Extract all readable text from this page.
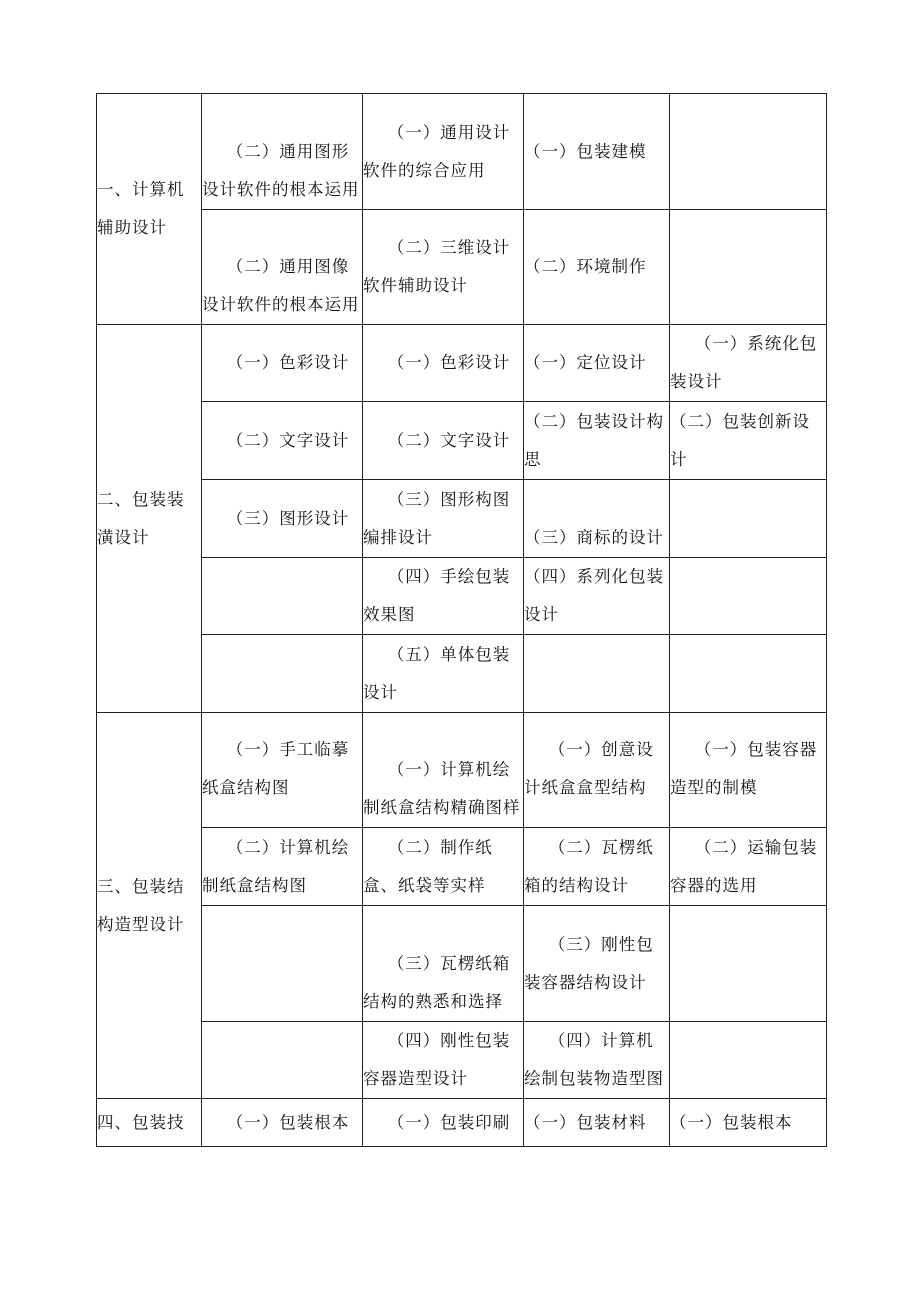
一、计算机辅助设计	（二）通用图形设计软件的根本运用	（一）通用设计软件的综合应用	（一）包装建模	

	（二）通用图像设计软件的根本运用	（二）三维设计软件辅助设计	（二）环境制作	

二、包装装潢设计	（一）色彩设计	（一）色彩设计	（一）定位设计	（一）系统化包装设计

	（二）文字设计	（二）文字设计	（二）包装设计构思	（二）包装创新设计

	（三）图形设计	（三）图形构图编排设计	（三）商标的设计	

		（四）手绘包装效果图	（四）系列化包装设计	

		（五）单体包装设计		

三、包装结构造型设计	（一）手工临摹纸盒结构图	（一）计算机绘制纸盒结构精确图样	（一）创意设计纸盒盒型结构	（一）包装容器造型的制模

	（二）计算机绘制纸盒结构图	（二）制作纸盒、纸袋等实样	（二）瓦楞纸箱的结构设计	（二）运输包装容器的选用

		（三）瓦楞纸箱结构的熟悉和选择	（三）刚性包装容器结构设计	

		（四）刚性包装容器造型设计	（四）计算机绘制包装物造型图	

四、包装技	（一）包装根本	（一）包装印刷	（一）包装材料	（一）包装根本
